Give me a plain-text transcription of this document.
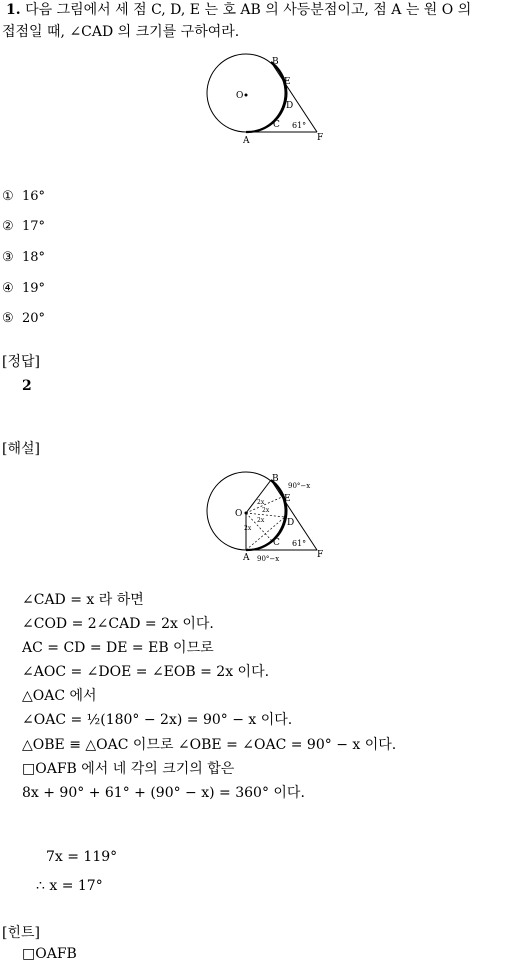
1. 다음 그림에서 세 점 C, D, E 는 호 AB 의 사등분점이고, 점 A 는 원 O 의
접점일 때, ∠CAD 의 크기를 구하여라.
B
E
O
D
C 61°
A	F
① 16°
② 17°
③ 18°
④ 19°
⑤ 20°
[정답]
2
[해설]
B
90°−x
E
O
D
2x
2x
2x
2x
C
A 90°−x
61°
F
∠CAD = x 라 하면
∠COD = 2∠CAD = 2x 이다.
AC = CD = DE = EB 이므로
∠AOC = ∠DOE = ∠EOB = 2x 이다.
△OAC 에서
∠OAC = ½(180° − 2x) = 90° − x 이다.
△OBE ≡ △OAC 이므로 ∠OBE = ∠OAC = 90° − x 이다.
□OAFB 에서 네 각의 크기의 합은
8x + 90° + 61° + (90° − x) = 360° 이다.
7x = 119°
∴ x = 17°
[힌트]
□OAFB
